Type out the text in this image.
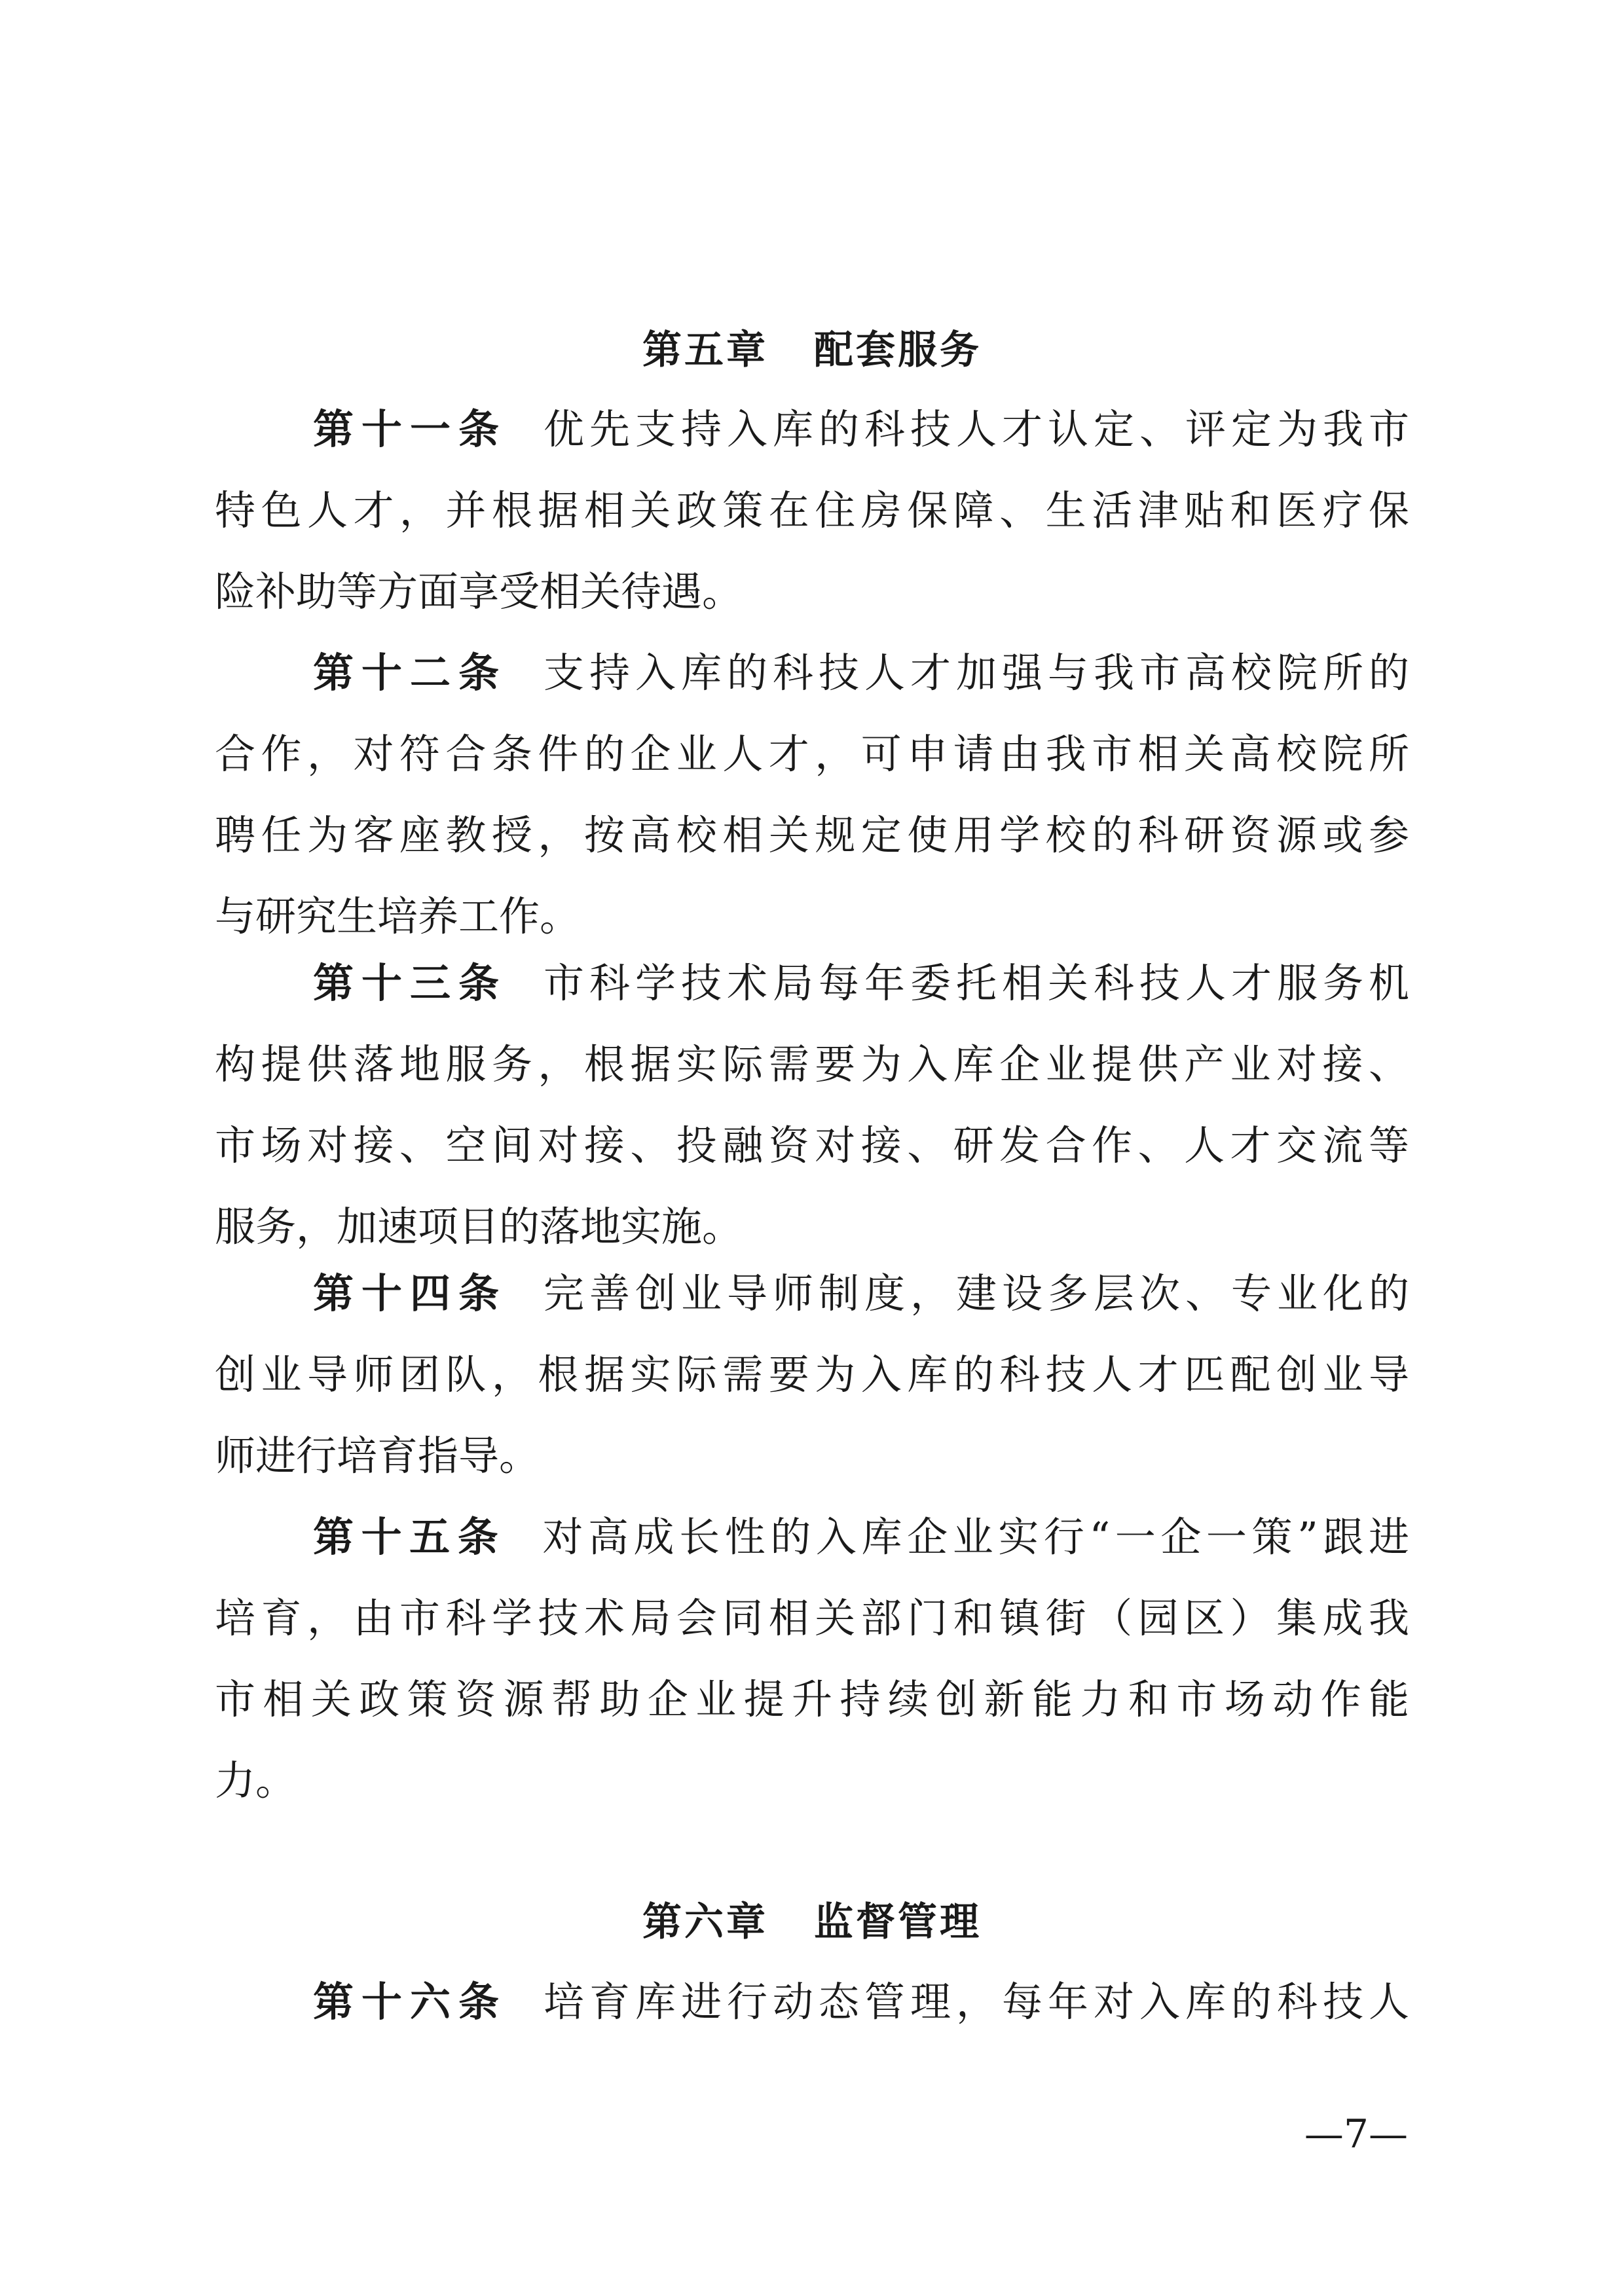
第五章 配套服务
第十一条 优先支持入库的科技人才认定、评定为我市
特色人才，并根据相关政策在住房保障、生活津贴和医疗保
险补助等方面享受相关待遇。
第十二条 支持入库的科技人才加强与我市高校院所的
合作，对符合条件的企业人才，可申请由我市相关高校院所
聘任为客座教授，按高校相关规定使用学校的科研资源或参
与研究生培养工作。
第十三条 市科学技术局每年委托相关科技人才服务机
构提供落地服务，根据实际需要为入库企业提供产业对接、
市场对接、空间对接、投融资对接、研发合作、人才交流等
服务，加速项目的落地实施。
第十四条 完善创业导师制度，建设多层次、专业化的
创业导师团队，根据实际需要为入库的科技人才匹配创业导
师进行培育指导。
第十五条 对高成长性的入库企业实行“一企一策”跟进
培育，由市科学技术局会同相关部门和镇街（园区）集成我
市相关政策资源帮助企业提升持续创新能力和市场动作能
力。
第六章 监督管理
第十六条 培育库进行动态管理，每年对入库的科技人
—7—
